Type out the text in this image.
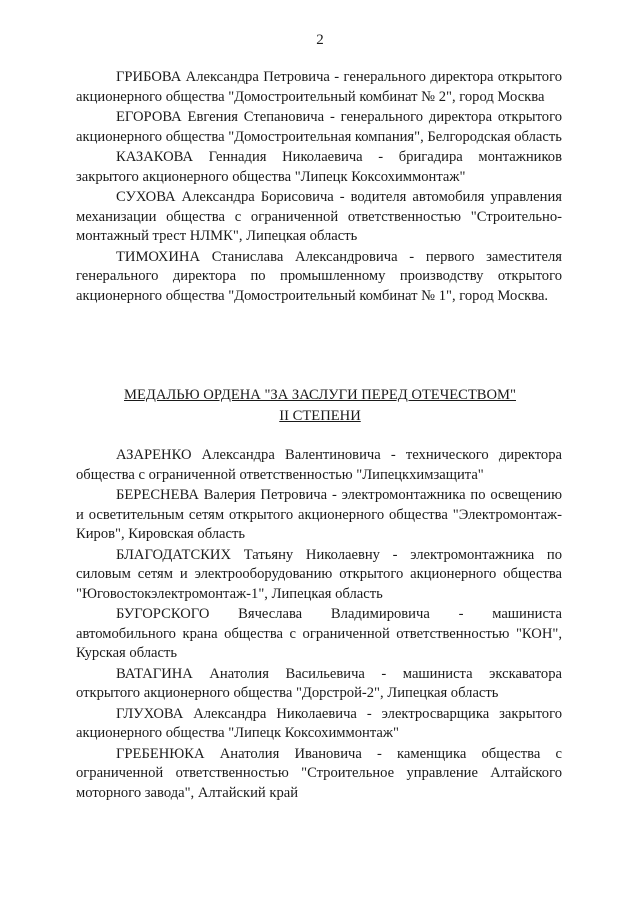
2

ГРИБОВА Александра Петровича - генерального директора открытого акционерного общества "Домостроительный комбинат № 2", город Москва

ЕГОРОВА Евгения Степановича - генерального директора открытого акционерного общества "Домостроительная компания", Белгородская область

КАЗАКОВА Геннадия Николаевича - бригадира монтажников закрытого акционерного общества "Липецк Коксохиммонтаж"

СУХОВА Александра Борисовича - водителя автомобиля управления механизации общества с ограниченной ответственностью "Строительно-монтажный трест НЛМК", Липецкая область

ТИМОХИНА Станислава Александровича - первого заместителя генерального директора по промышленному производству открытого акционерного общества "Домостроительный комбинат № 1", город Москва.

МЕДАЛЬЮ ОРДЕНА "ЗА ЗАСЛУГИ ПЕРЕД ОТЕЧЕСТВОМ"
II СТЕПЕНИ

АЗАРЕНКО Александра Валентиновича - технического директора общества с ограниченной ответственностью "Липецкхимзащита"

БЕРЕСНЕВА Валерия Петровича - электромонтажника по освещению и осветительным сетям открытого акционерного общества "Электромонтаж-Киров", Кировская область

БЛАГОДАТСКИХ Татьяну Николаевну - электромонтажника по силовым сетям и электрооборудованию открытого акционерного общества "Юговостокэлектромонтаж-1", Липецкая область

БУГОРСКОГО Вячеслава Владимировича - машиниста автомобильного крана общества с ограниченной ответственностью "КОН", Курская область

ВАТАГИНА Анатолия Васильевича - машиниста экскаватора открытого акционерного общества "Дорстрой-2", Липецкая область

ГЛУХОВА Александра Николаевича - электросварщика закрытого акционерного общества "Липецк Коксохиммонтаж"

ГРЕБЕНЮКА Анатолия Ивановича - каменщика общества с ограниченной ответственностью "Строительное управление Алтайского моторного завода", Алтайский край
